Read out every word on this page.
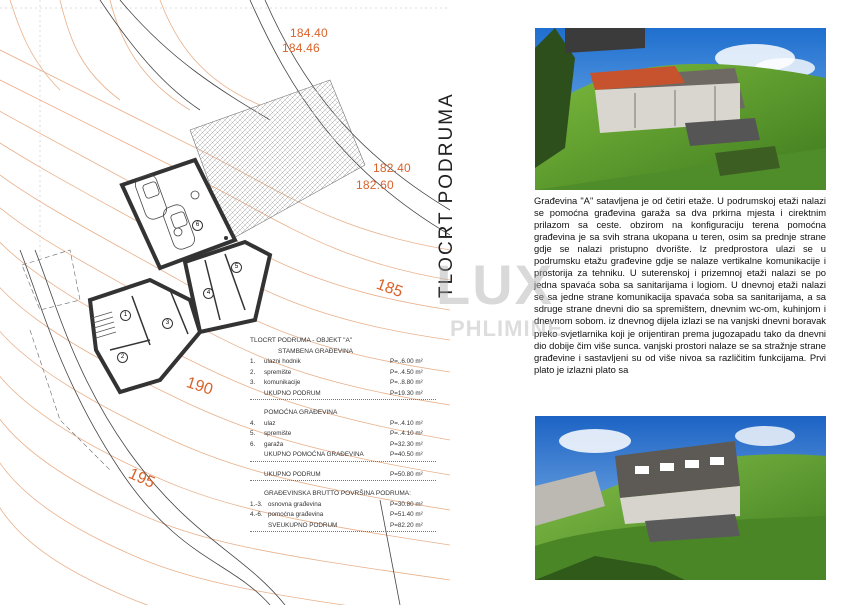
1
2
3
4
5
6
184.40
184.46
182.40
182.60
185
190
195
TLOCRT PODRUMA
TLOCRT PODRUMA - OBJEKT "A"
STAMBENA GRAĐEVINA
1.	ulazni hodnik	P=..6.00 m²
2.	spremište	P=..4.50 m²
3.	komunikacije	P=..8.80 m²
UKUPNO PODRUM	P=19.30 m²
POMOĆNA GRAĐEVINA
4.	ulaz	P=..4.10 m²
5.	spremište	P=..4.10 m²
6.	garaža	P=32.30 m²
UKUPNO POMOĆNA GRAĐEVINA	P=40.50 m²
UKUPNO PODRUM	P=50.80 m²
GRAĐEVINSKA BRUTTO POVRŠINA PODRUMA:
1.-3. osnovna građevina	P=30.80 m²
4.-6. pomoćna građevina	P=51.40 m²
SVEUKUPNO PODRUM	P=82.20 m²
Građevina "A" satavljena je od četiri etaže. U podrumskoj etaži nalazi se pomoćna građevina garaža sa dva prkirna mjesta i cirektnim prilazom sa ceste. obzirom na konfiguraciju terena pomoćna građevina je sa svih strana ukopana u teren, osim sa prednje strane gdje se nalazi pristupno dvorište. Iz predprostora ulazi se u podrumsku etažu građevine gdje se nalaze vertikalne komunikacije i prostorija za tehniku. U suterenskoj i prizemnoj etaži nalazi se po jedna spavaća soba sa sanitarijama i logiom. U dnevnoj etaži nalazi se sa jedne strane komunikacija spavaća soba sa sanitarijama, a sa sdruge strane dnevni dio sa spremištem, dnevnim wc-om, kuhinjom i dnevnom sobom. iz dnevnog dijela izlazi se na vanjski dnevni boravak preko svjetlarnika koji je orijentiran prema jugozapadu tako da dnevni dio dobije čim više sunca. vanjski prostori nalaze se sa stražnje strane građevine i sastavljeni su od više nivoa sa različitim funkcijama. Prvi plato je izlazni plato sa
LUX
PHLIMINE
